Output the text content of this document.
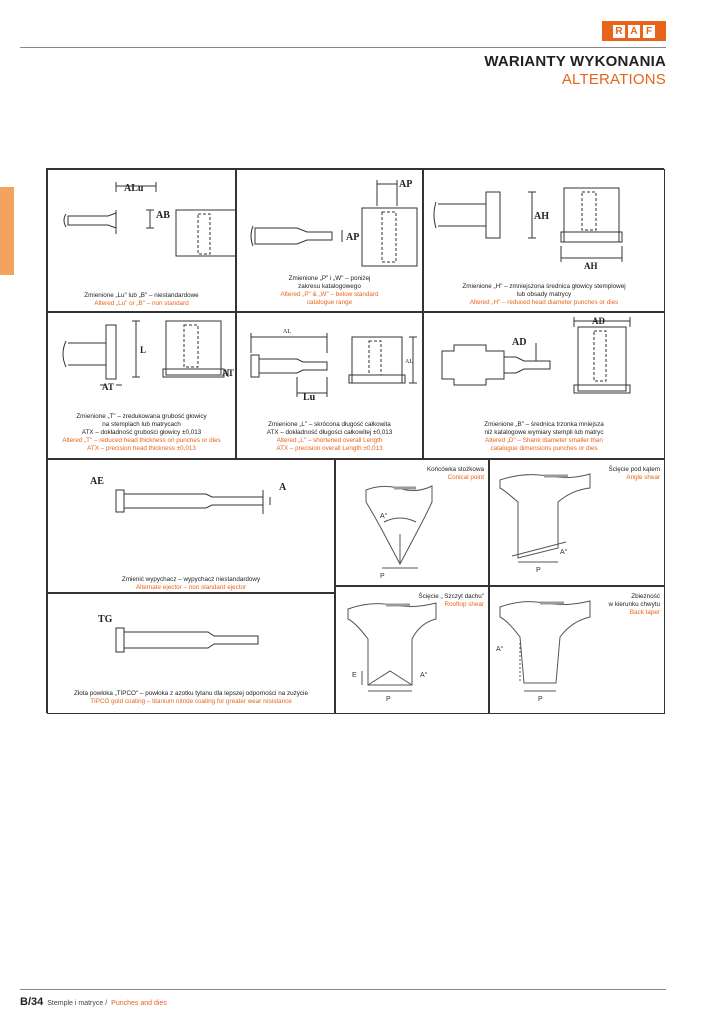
R A F
WARIANTY WYKONANIA
ALTERATIONS
ALu
AB
Zmienione „Lu" lub „B" – niestandardowe
Altered „Lu" or „B" – non standard
AP
AP
Zmienione „P" i „W" – poniżej
zakresu katalogowego
Altered „P" & „W" – below standard
catalogue range
AH
AH
Zmienione „H" – zmniejszona średnica głowicy stemplowej
lub obsady matrycy
Altered „H" – reduced head diameter punches or dies
L
AT
AT
Zmienione „T" – zredukowana grubość głowicy
na stemplach lub matrycach
ATX – dokładność grubości głowicy ±0,013
Altered „T" – reduced head thickness on punches or dies
ATX – precision head thickness ±0,013
AL
AL
Lu
Zmienione „L" – skrócona długość całkowita
ATX – dokładność długości całkowitej ±0,013
Altered „L" – shortened overall Length
ATX – precision overall Length ±0,013
AD
AD
Zmienione „B" – średnica trzonka mniejsza
niż katalogowe wymiary stempli lub matryc
Altered „D" – Shank diameter smaller than
catalogue dimensions punches or dies
AE
A
Zmienić wypychacz – wypychacz niestandardowy
Alternate ejector – non standard ejector
A°
P
Końcówka stożkowa
Conical point
A°
P
Ścięcie pod kątem
Angle shear
TG
Złota powłoka „TIPCO" – powłoka z azotku tytanu dla lepszej odporności na zużycie
TIPCO gold coating – titanium nitride coating for greater wear resistance
E	A°
P
Ścięcie „ Szczyt dachu"
Rooftop shear
A°
P
Zbieżność
w kierunku chwytu
Back taper
B/34 Stemple i matryce / Punches and dies
